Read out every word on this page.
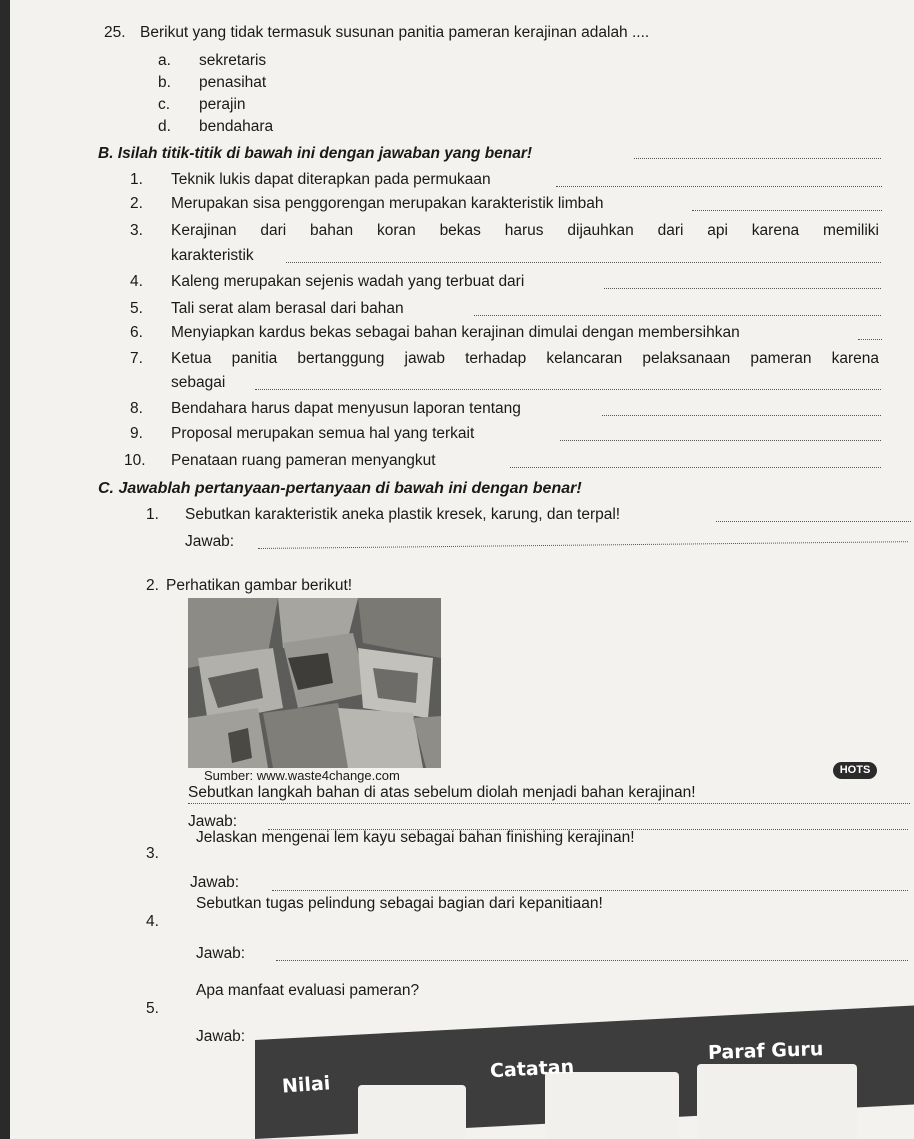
25. Berikut yang tidak termasuk susunan panitia pameran kerajinan adalah ....
a. sekretaris
b. penasihat
c. perajin
d. bendahara
B. Isilah titik-titik di bawah ini dengan jawaban yang benar!
1. Teknik lukis dapat diterapkan pada permukaan
2. Merupakan sisa penggorengan merupakan karakteristik limbah
3. Kerajinan dari bahan koran bekas harus dijauhkan dari api karena memiliki
karakteristik
4. Kaleng merupakan sejenis wadah yang terbuat dari
5. Tali serat alam berasal dari bahan
6. Menyiapkan kardus bekas sebagai bahan kerajinan dimulai dengan membersihkan
7. Ketua panitia bertanggung jawab terhadap kelancaran pelaksanaan pameran karena
sebagai
8. Bendahara harus dapat menyusun laporan tentang
9. Proposal merupakan semua hal yang terkait
10. Penataan ruang pameran menyangkut
C. Jawablah pertanyaan-pertanyaan di bawah ini dengan benar!
1. Sebutkan karakteristik aneka plastik kresek, karung, dan terpal!
Jawab:
2. Perhatikan gambar berikut!
Sumber: www.waste4change.com
Sebutkan langkah bahan di atas sebelum diolah menjadi bahan kerajinan!
HOTS
Jawab:
3.
Jelaskan mengenai lem kayu sebagai bahan finishing kerajinan!
Jawab:
4.
Sebutkan tugas pelindung sebagai bagian dari kepanitiaan!
Jawab:
5.
Apa manfaat evaluasi pameran?
Jawab:
Nilai
Catatan
Paraf Guru
